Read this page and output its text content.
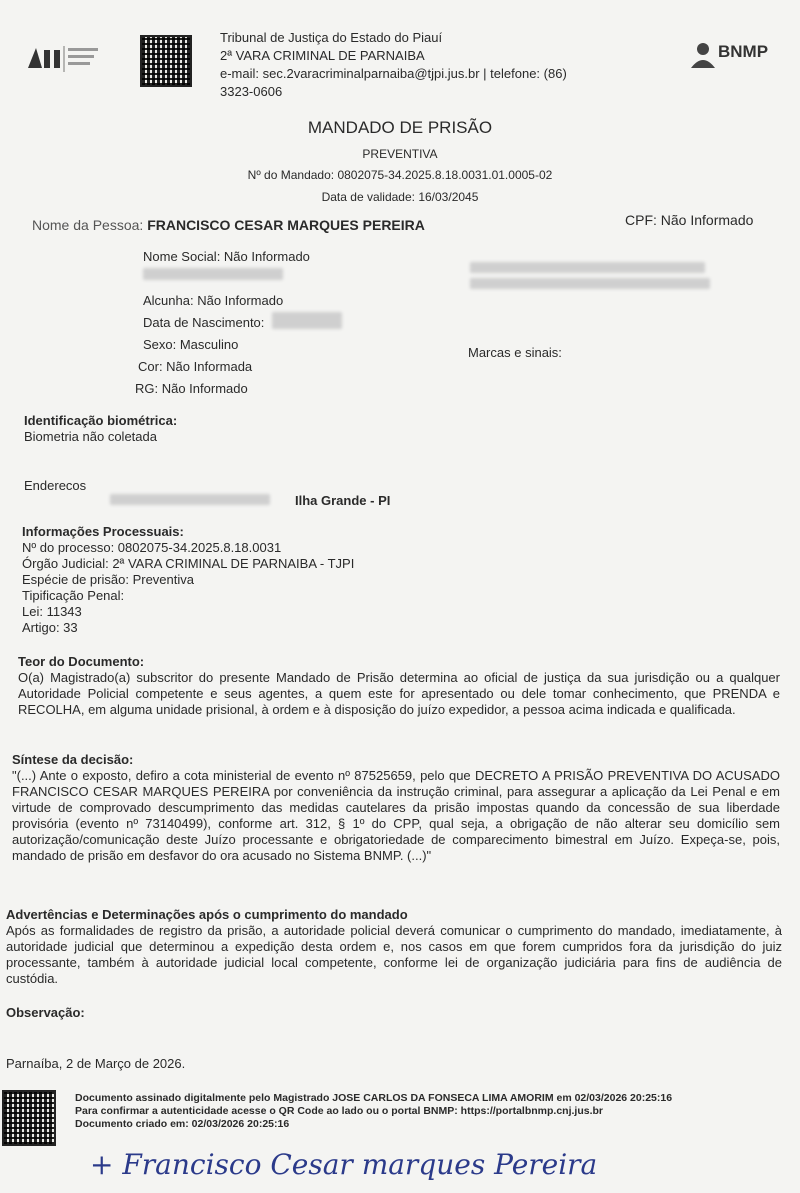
Tribunal de Justiça do Estado do Piauí
2ª VARA CRIMINAL DE PARNAIBA
e-mail: sec.2varacriminalparnaiba@tjpi.jus.br | telefone: (86)
3323-0606
BNMP
MANDADO DE PRISÃO
PREVENTIVA
Nº do Mandado: 0802075-34.2025.8.18.0031.01.0005-02
Data de validade: 16/03/2045
Nome da Pessoa: FRANCISCO CESAR MARQUES PEREIRA	CPF: Não Informado
Nome Social: Não Informado
Alcunha: Não Informado
Data de Nascimento:
Sexo: Masculino
Cor: Não Informada
RG: Não Informado
Marcas e sinais:
Identificação biométrica:
Biometria não coletada
Enderecos
Ilha Grande - PI
Informações Processuais:
Nº do processo: 0802075-34.2025.8.18.0031
Órgão Judicial: 2ª VARA CRIMINAL DE PARNAIBA - TJPI
Espécie de prisão: Preventiva
Tipificação Penal:
Lei: 11343
Artigo: 33
Teor do Documento:
O(a) Magistrado(a) subscritor do presente Mandado de Prisão determina ao oficial de justiça da sua jurisdição ou a qualquer Autoridade Policial competente e seus agentes, a quem este for apresentado ou dele tomar conhecimento, que PRENDA e RECOLHA, em alguma unidade prisional, à ordem e à disposição do juízo expedidor, a pessoa acima indicada e qualificada.
Síntese da decisão:
"(...) Ante o exposto, defiro a cota ministerial de evento nº 87525659, pelo que DECRETO A PRISÃO PREVENTIVA DO ACUSADO FRANCISCO CESAR MARQUES PEREIRA por conveniência da instrução criminal, para assegurar a aplicação da Lei Penal e em virtude de comprovado descumprimento das medidas cautelares da prisão impostas quando da concessão de sua liberdade provisória (evento nº 73140499), conforme art. 312, § 1º do CPP, qual seja, a obrigação de não alterar seu domicílio sem autorização/comunicação deste Juízo processante e obrigatoriedade de comparecimento bimestral em Juízo. Expeça-se, pois, mandado de prisão em desfavor do ora acusado no Sistema BNMP. (...)"
Advertências e Determinações após o cumprimento do mandado
Após as formalidades de registro da prisão, a autoridade policial deverá comunicar o cumprimento do mandado, imediatamente, à autoridade judicial que determinou a expedição desta ordem e, nos casos em que forem cumpridos fora da jurisdição do juiz processante, também à autoridade judicial local competente, conforme lei de organização judiciária para fins de audiência de custódia.
Observação:
Parnaíba, 2 de Março de 2026.
Documento assinado digitalmente pelo Magistrado JOSE CARLOS DA FONSECA LIMA AMORIM em 02/03/2026 20:25:16
Para confirmar a autenticidade acesse o QR Code ao lado ou o portal BNMP: https://portalbnmp.cnj.jus.br
Documento criado em: 02/03/2026 20:25:16
+ Francisco Cesar marques Pereira
